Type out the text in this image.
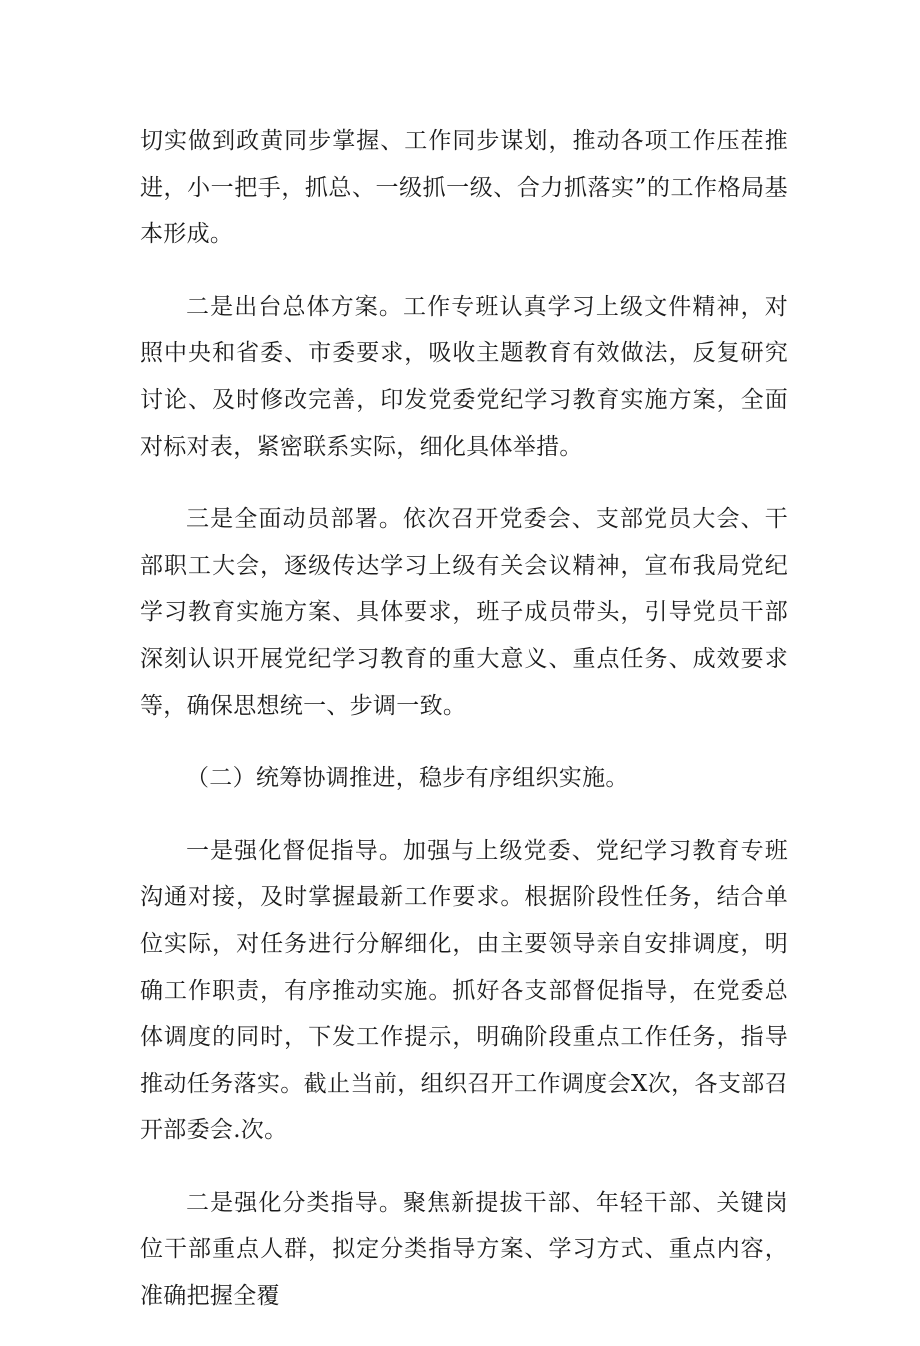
切实做到政黄同步掌握、工作同步谋划，推动各项工作压茬推进，小一把手，抓总、一级抓一级、合力抓落实”的工作格局基本形成。

二是出台总体方案。工作专班认真学习上级文件精神，对照中央和省委、市委要求，吸收主题教育有效做法，反复研究讨论、及时修改完善，印发党委党纪学习教育实施方案，全面对标对表，紧密联系实际，细化具体举措。

三是全面动员部署。依次召开党委会、支部党员大会、干部职工大会，逐级传达学习上级有关会议精神，宣布我局党纪学习教育实施方案、具体要求，班子成员带头，引导党员干部深刻认识开展党纪学习教育的重大意义、重点任务、成效要求等，确保思想统一、步调一致。

（二）统筹协调推进，稳步有序组织实施。

一是强化督促指导。加强与上级党委、党纪学习教育专班沟通对接，及时掌握最新工作要求。根据阶段性任务，结合单位实际，对任务进行分解细化，由主要领导亲自安排调度，明确工作职责，有序推动实施。抓好各支部督促指导，在党委总体调度的同时，下发工作提示，明确阶段重点工作任务，指导推动任务落实。截止当前，组织召开工作调度会X次，各支部召开部委会.次。

二是强化分类指导。聚焦新提拔干部、年轻干部、关键岗位干部重点人群，拟定分类指导方案、学习方式、重点内容，准确把握全覆
